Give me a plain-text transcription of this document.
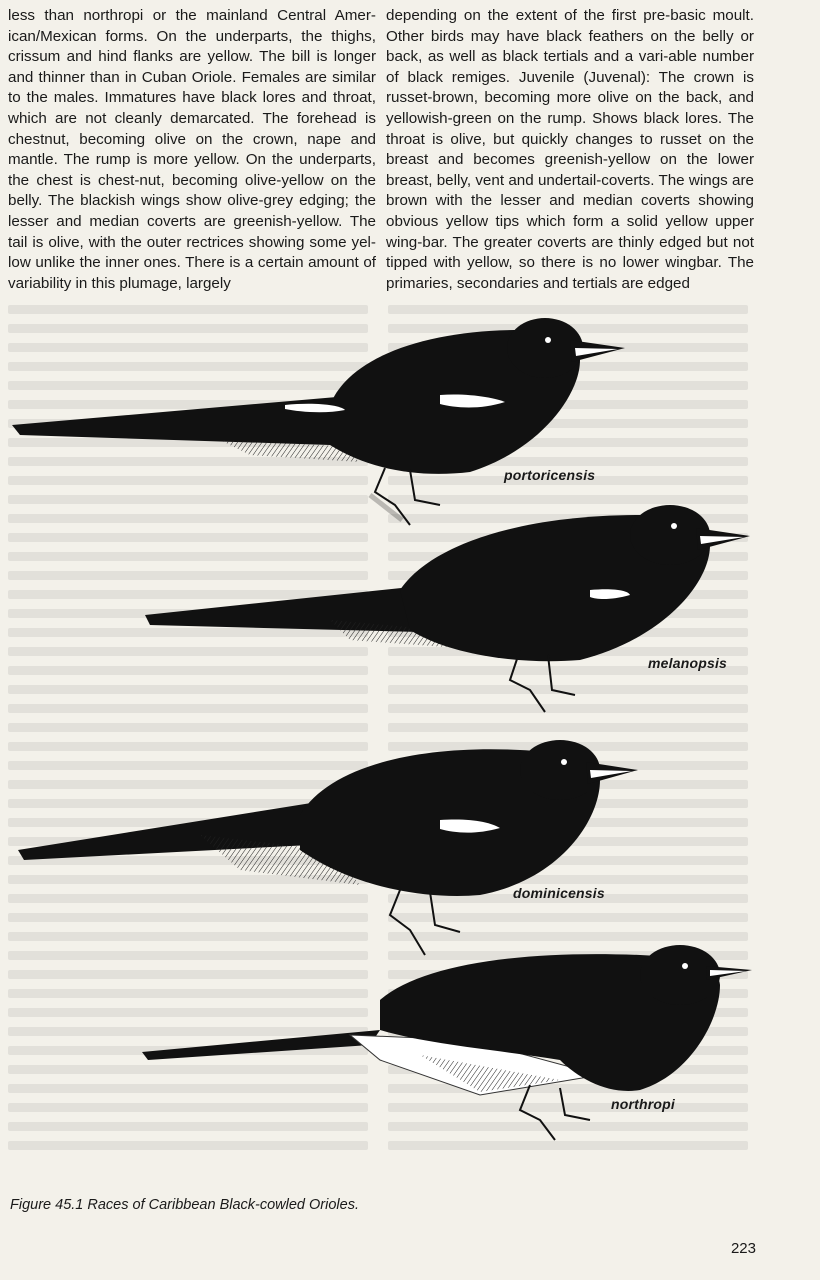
less than northropi or the mainland Central Amer-ican/Mexican forms. On the underparts, the thighs, crissum and hind flanks are yellow. The bill is longer and thinner than in Cuban Oriole. Females are similar to the males. Immatures have black lores and throat, which are not cleanly demarcated. The forehead is chestnut, becoming olive on the crown, nape and mantle. The rump is more yellow. On the underparts, the chest is chest-nut, becoming olive-yellow on the belly. The blackish wings show olive-grey edging; the lesser and median coverts are greenish-yellow. The tail is olive, with the outer rectrices showing some yel-low unlike the inner ones. There is a certain amount of variability in this plumage, largely

depending on the extent of the first pre-basic moult. Other birds may have black feathers on the belly or back, as well as black tertials and a vari-able number of black remiges. Juvenile (Juvenal): The crown is russet-brown, becoming more olive on the back, and yellowish-green on the rump. Shows black lores. The throat is olive, but quickly changes to russet on the breast and becomes greenish-yellow on the lower breast, belly, vent and undertail-coverts. The wings are brown with the lesser and median coverts showing obvious yellow tips which form a solid yellow upper wing-bar. The greater coverts are thinly edged but not tipped with yellow, so there is no lower wingbar. The primaries, secondaries and tertials are edged

portoricensis
melanopsis
dominicensis
northropi
Figure 45.1 Races of Caribbean Black-cowled Orioles.
223
